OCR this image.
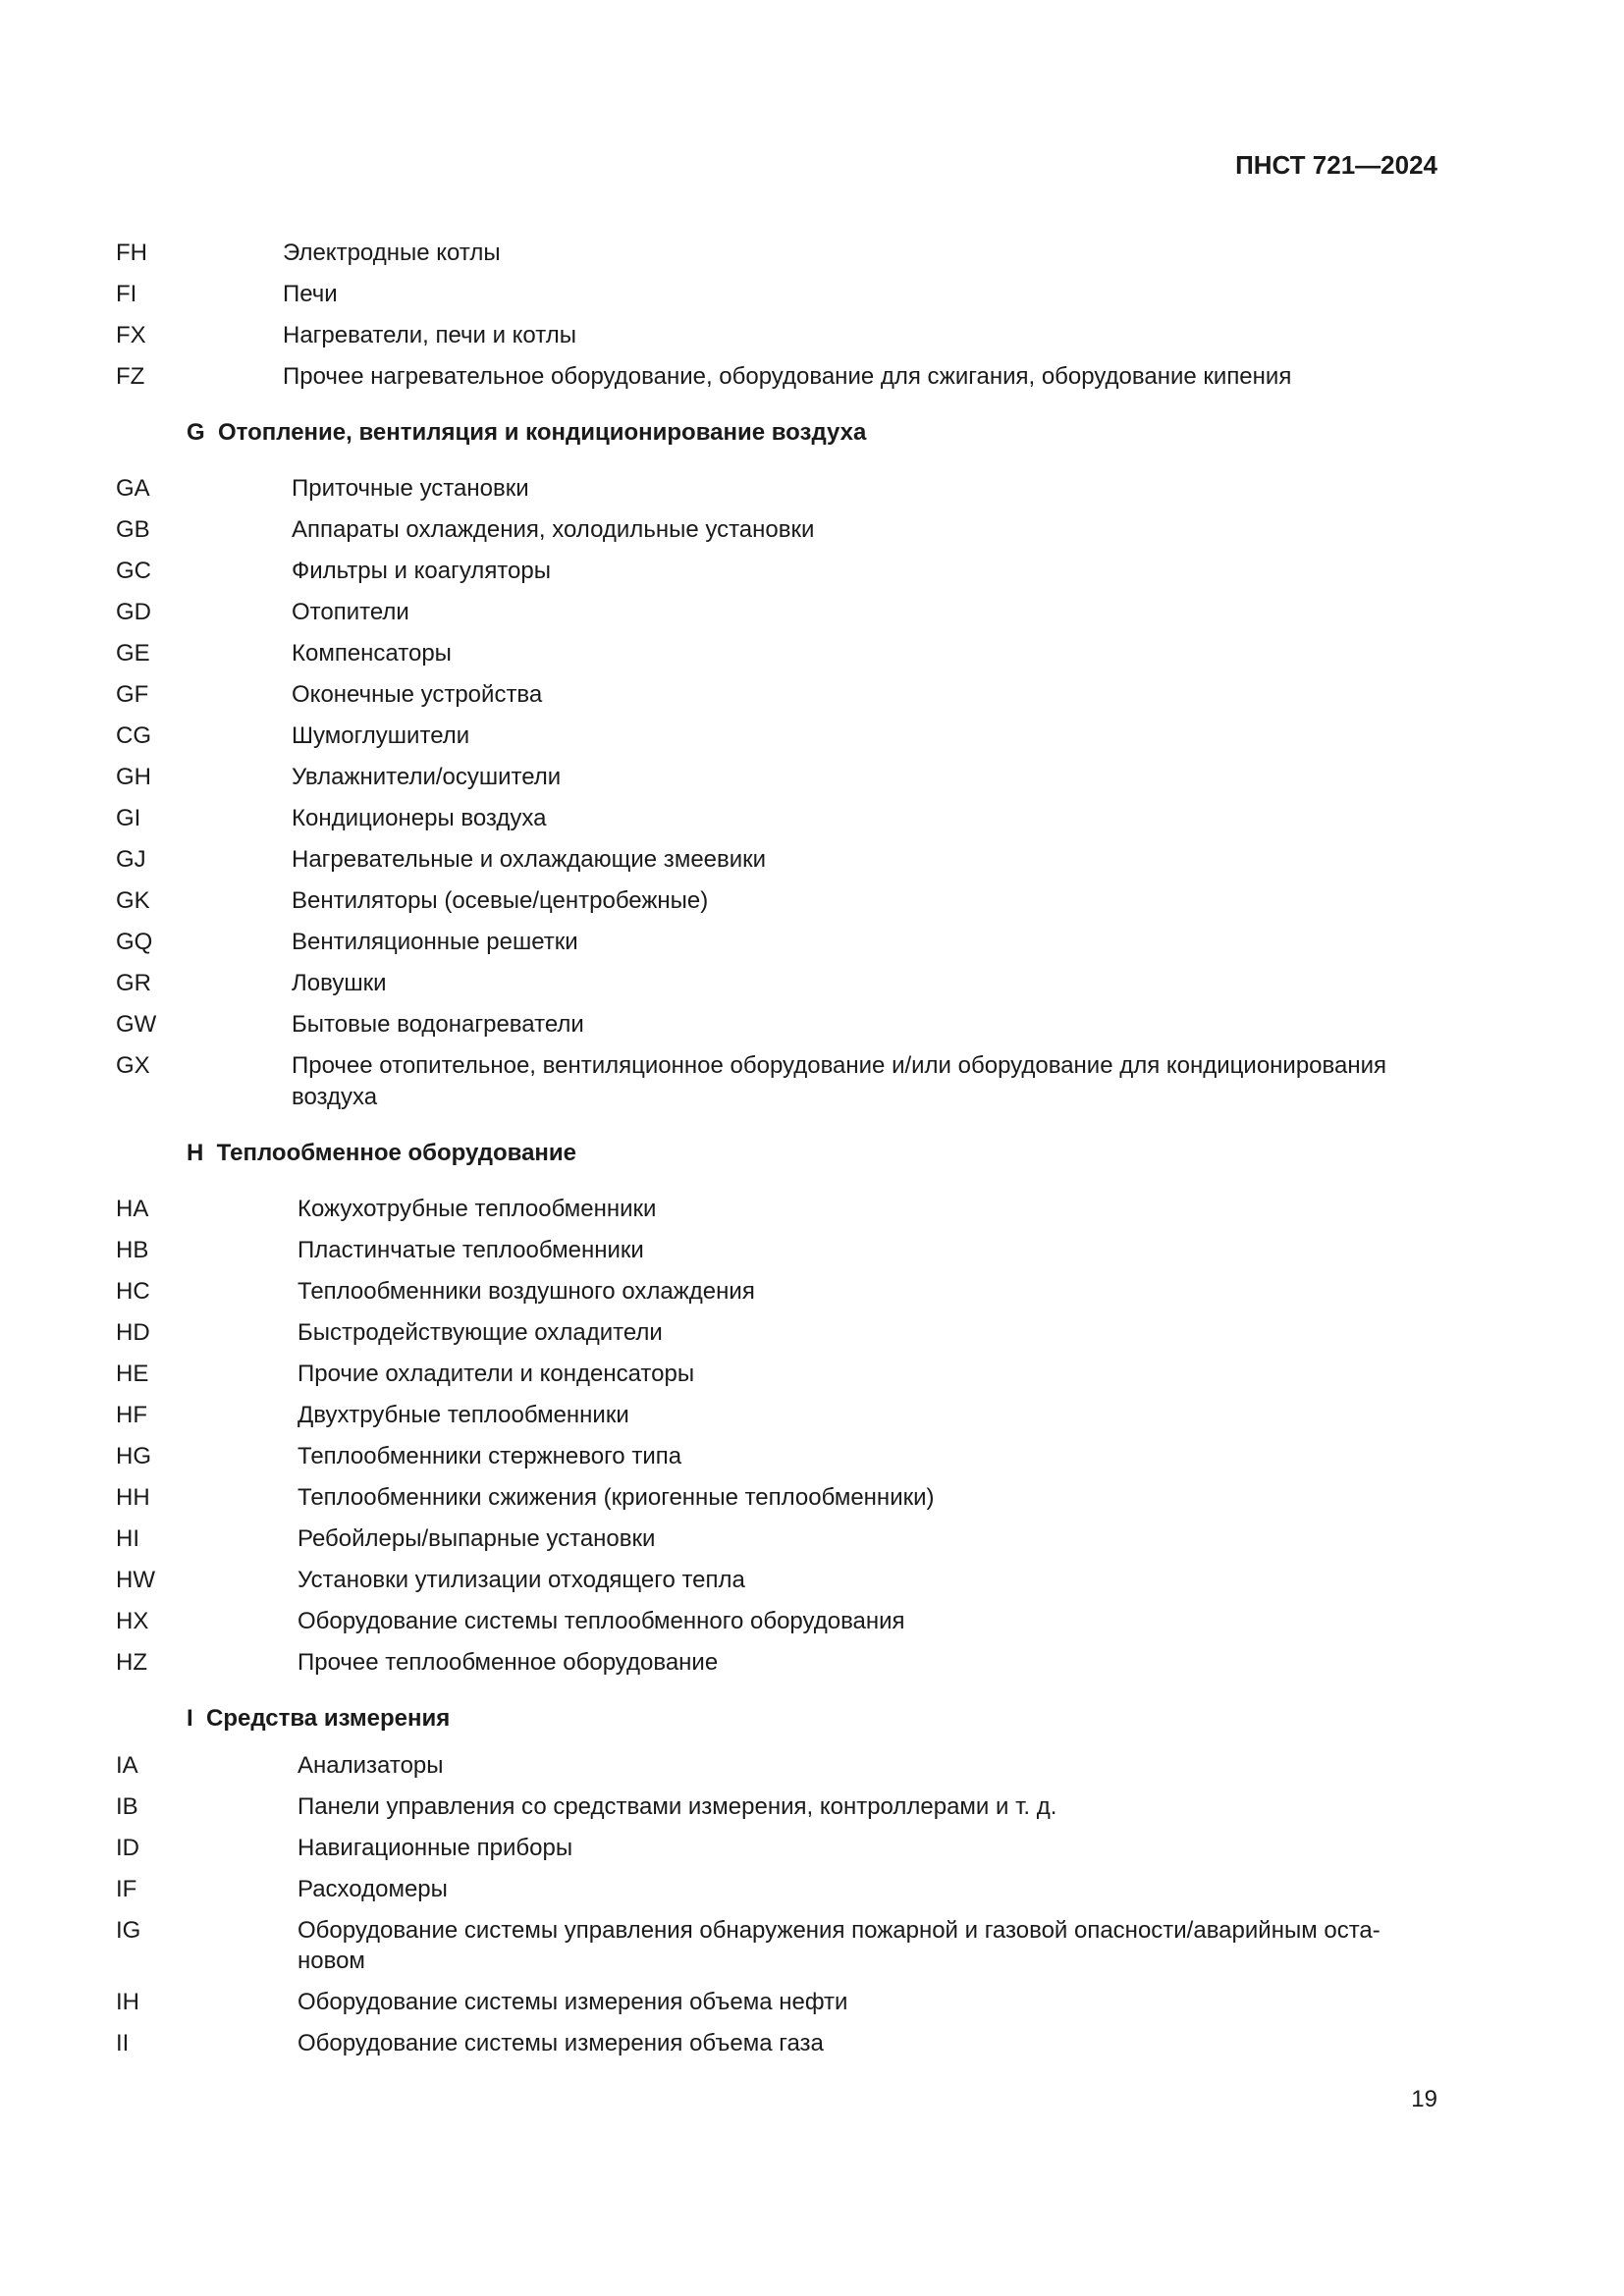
ПНСТ 721—2024
FH	Электродные котлы
FI	Печи
FX	Нагреватели, печи и котлы
FZ	Прочее нагревательное оборудование, оборудование для сжигания, оборудование кипения
G  Отопление, вентиляция и кондиционирование воздуха
GA	Приточные установки
GB	Аппараты охлаждения, холодильные установки
GC	Фильтры и коагуляторы
GD	Отопители
GE	Компенсаторы
GF	Оконечные устройства
CG	Шумоглушители
GH	Увлажнители/осушители
GI	Кондиционеры воздуха
GJ	Нагревательные и охлаждающие змеевики
GK	Вентиляторы (осевые/центробежные)
GQ	Вентиляционные решетки
GR	Ловушки
GW	Бытовые водонагреватели
GX	Прочее отопительное, вентиляционное оборудование и/или оборудование для кондиционирования воздуха
H  Теплообменное оборудование
HA	Кожухотрубные теплообменники
HB	Пластинчатые теплообменники
HC	Теплообменники воздушного охлаждения
HD	Быстродействующие охладители
HE	Прочие охладители и конденсаторы
HF	Двухтрубные теплообменники
HG	Теплообменники стержневого типа
HH	Теплообменники сжижения (криогенные теплообменники)
HI	Ребойлеры/выпарные установки
HW	Установки утилизации отходящего тепла
HX	Оборудование системы теплообменного оборудования
HZ	Прочее теплообменное оборудование
I  Средства измерения
IA	Анализаторы
IB	Панели управления со средствами измерения, контроллерами и т. д.
ID	Навигационные приборы
IF	Расходомеры
IG	Оборудование системы управления обнаружения пожарной и газовой опасности/аварийным оста-новом
IH	Оборудование системы измерения объема нефти
II	Оборудование системы измерения объема газа
19
